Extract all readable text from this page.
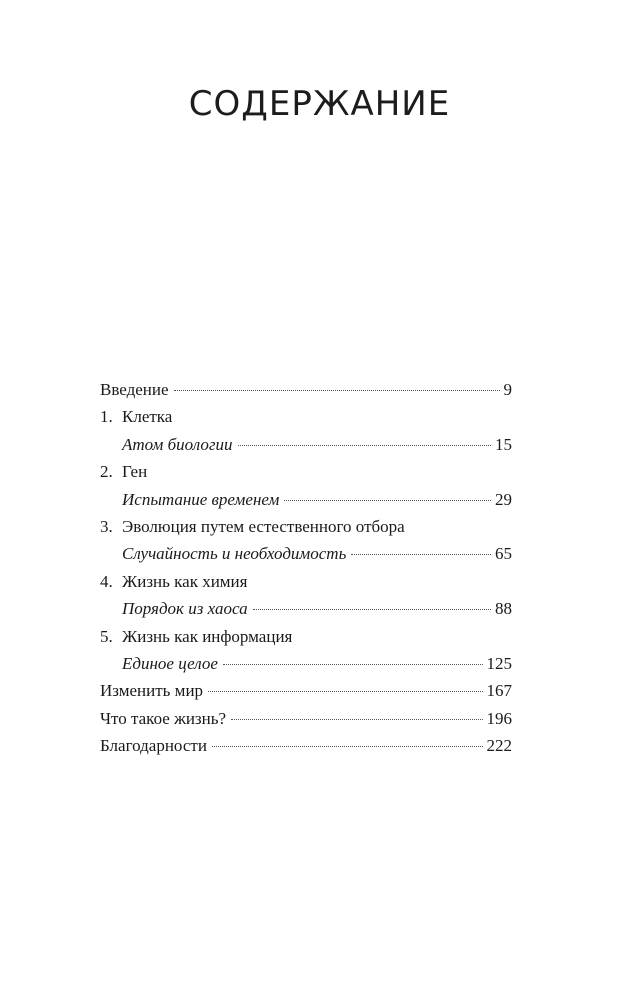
СОДЕРЖАНИЕ
Введение	9
1. Клетка
Атом биологии	15
2. Ген
Испытание временем	29
3. Эволюция путем естественного отбора
Случайность и необходимость	65
4. Жизнь как химия
Порядок из хаоса	88
5. Жизнь как информация
Единое целое	125
Изменить мир	167
Что такое жизнь?	196
Благодарности	222
